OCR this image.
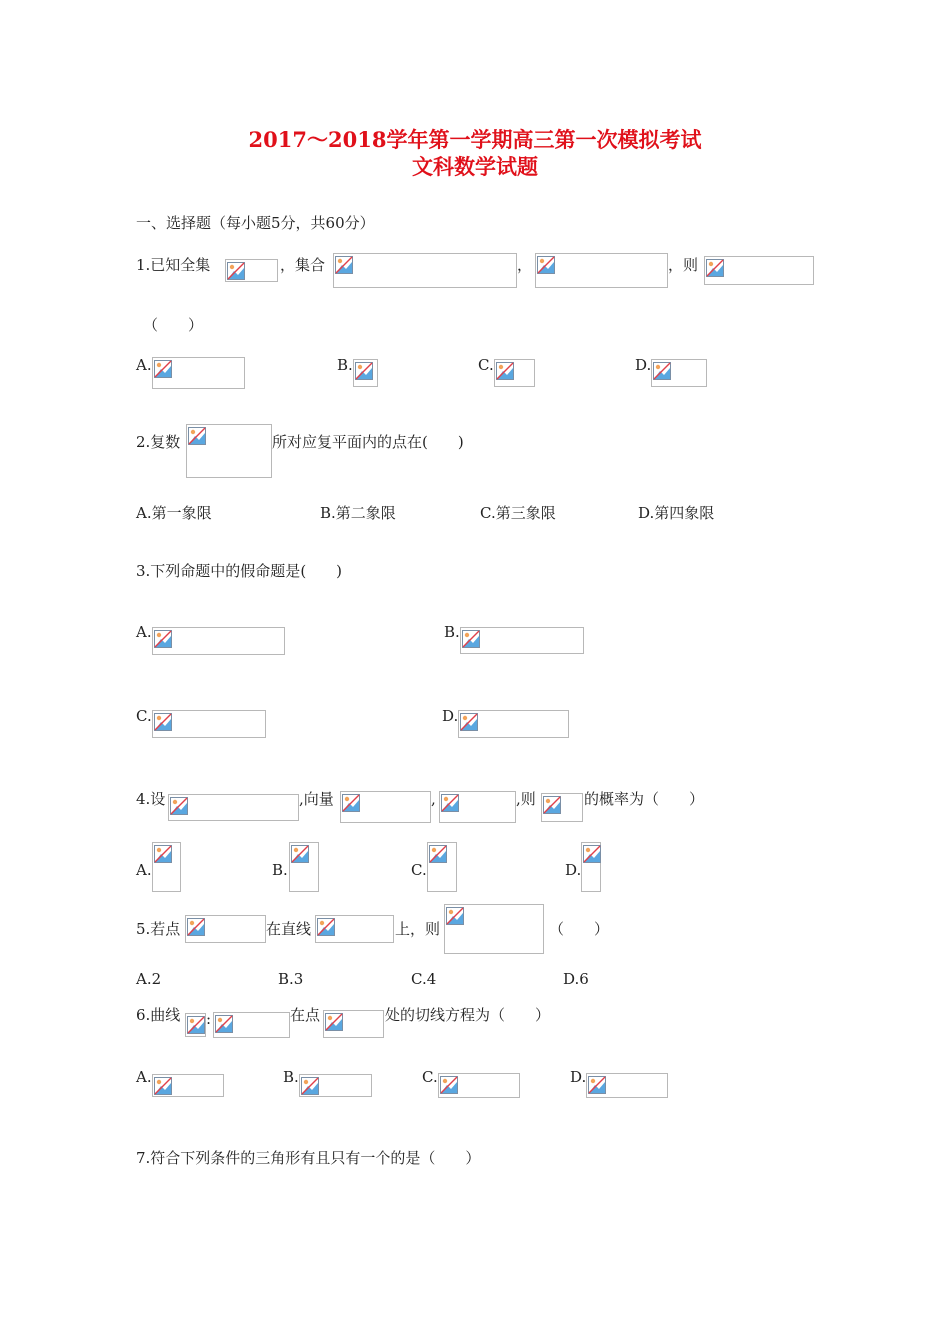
2017～2018学年第一学期高三第一次模拟考试
文科数学试题
一、选择题（每小题5分，共60分）
1.已知全集	，集合	，	，则
（　　）
A.	B.	C.	D.
2.复数	所对应复平面内的点在(　　)
A.第一象限	B.第二象限	C.第三象限	D.第四象限
3.下列命题中的假命题是(　　)
A.	B.
C.	D.
4.设	,向量	,	,则	的概率为（　　）
A.	B.	C.	D.
5.若点	在直线	上，则	（　　）
A.2	B.3	C.4	D.6
6.曲线 :	在点	处的切线方程为（　　）
A.	B.	C.	D.
7.符合下列条件的三角形有且只有一个的是（　　）
